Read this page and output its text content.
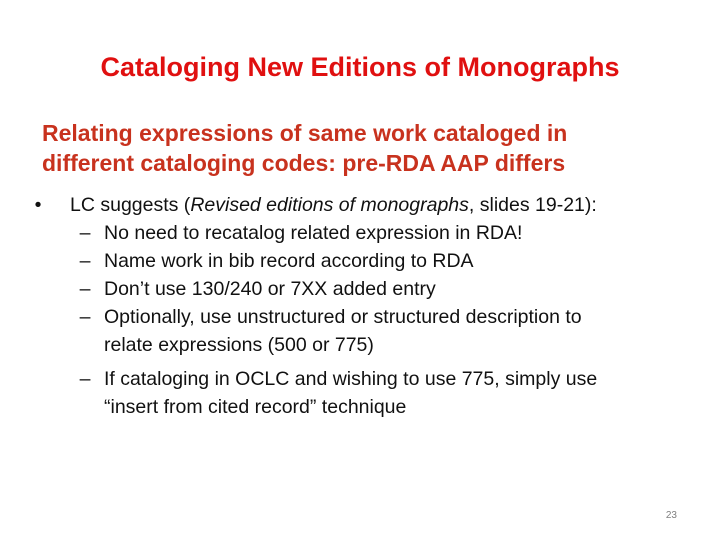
Cataloging New Editions of Monographs
Relating expressions of same work cataloged in
different cataloging codes: pre-RDA AAP differs
•	LC suggests (Revised editions of monographs, slides 19-21):
– No need to recatalog related expression in RDA!
– Name work in bib record according to RDA
– Don’t use 130/240 or 7XX added entry
– Optionally, use unstructured or structured description to
relate expressions (500 or 775)
– If cataloging in OCLC and wishing to use 775, simply use
“insert from cited record” technique
23
